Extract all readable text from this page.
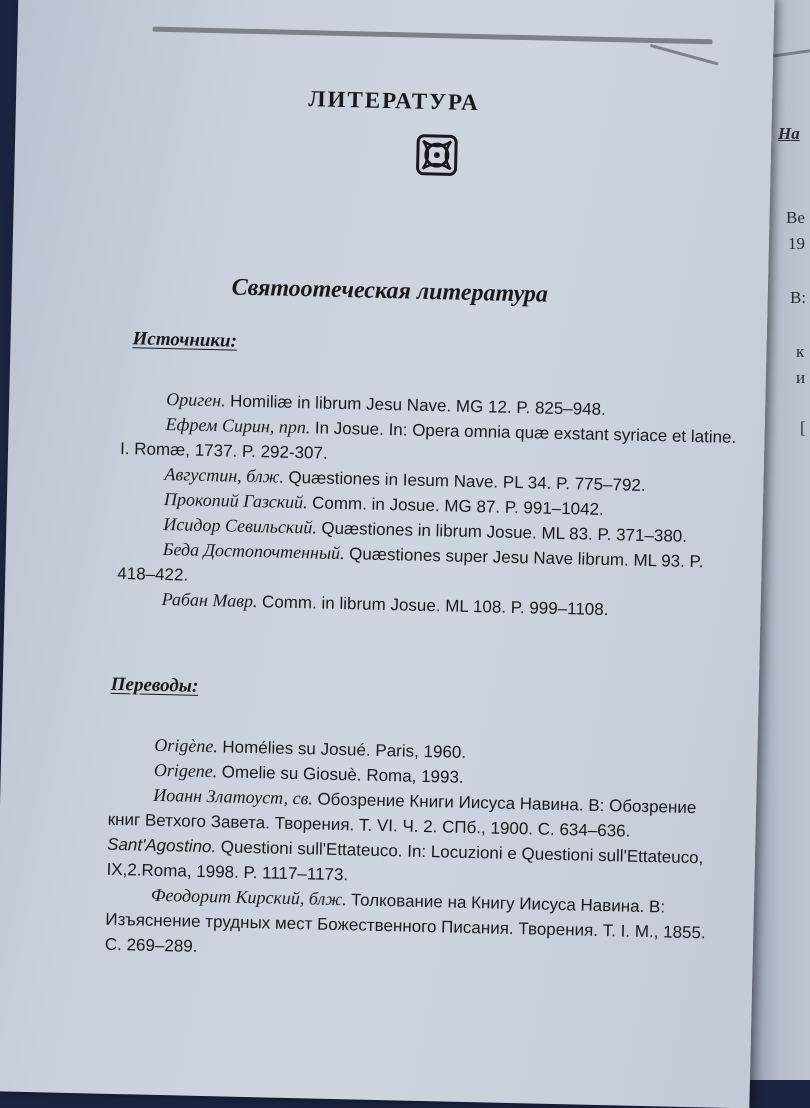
На
Ве
19
В:
к
и
[
ЛИТЕРАТУРА
Святоотеческая литература
Источники:

Ориген. Homiliæ in librum Jesu Nave. MG 12. P. 825–948.

Ефрем Сирин, прп. In Josue. In: Opera omnia quæ exstant syriace et latine. I. Romæ, 1737. P. 292-307.

Августин, блж. Quæstiones in Iesum Nave. PL 34. P. 775–792.

Прокопий Газский. Comm. in Josue. MG 87. P. 991–1042.

Исидор Севильский. Quæstiones in librum Josue. ML 83. P. 371–380.

Беда Достопочтенный. Quæstiones super Jesu Nave librum. ML 93. P. 418–422.

Рабан Мавр. Comm. in librum Josue. ML 108. P. 999–1108.

Переводы:

Origène. Homélies su Josué. Paris, 1960.

Origene. Omelie su Giosuè. Roma, 1993.

Иоанн Златоуст, св. Обозрение Книги Иисуса Навина. В: Обозрение книг Ветхого Завета. Творения. Т. VI. Ч. 2. СПб., 1900. С. 634–636. Sant'Agostino. Questioni sull'Ettateuco. In: Locuzioni e Questioni sull'Ettateuco, IX,2.Roma, 1998. P. 1117–1173.

Феодорит Кирский, блж. Толкование на Книгу Иисуса Навина. В: Изъяснение трудных мест Божественного Писания. Творения. Т. I. М., 1855. С. 269–289.
